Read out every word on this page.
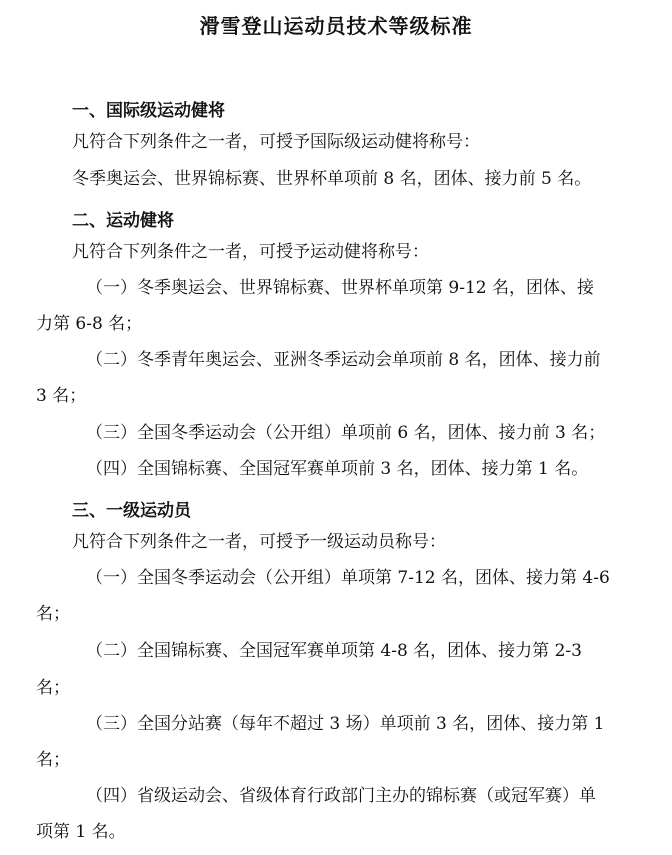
滑雪登山运动员技术等级标准
一、国际级运动健将
凡符合下列条件之一者，可授予国际级运动健将称号：
冬季奥运会、世界锦标赛、世界杯单项前 8 名，团体、接力前 5 名。
二、运动健将
凡符合下列条件之一者，可授予运动健将称号：
（一）冬季奥运会、世界锦标赛、世界杯单项第 9-12 名，团体、接
力第 6-8 名；
（二）冬季青年奥运会、亚洲冬季运动会单项前 8 名，团体、接力前
3 名；
（三）全国冬季运动会（公开组）单项前 6 名，团体、接力前 3 名；
（四）全国锦标赛、全国冠军赛单项前 3 名，团体、接力第 1 名。
三、一级运动员
凡符合下列条件之一者，可授予一级运动员称号：
（一）全国冬季运动会（公开组）单项第 7-12 名，团体、接力第 4-6
名；
（二）全国锦标赛、全国冠军赛单项第 4-8 名，团体、接力第 2-3
名；
（三）全国分站赛（每年不超过 3 场）单项前 3 名，团体、接力第 1
名；
（四）省级运动会、省级体育行政部门主办的锦标赛（或冠军赛）单
项第 1 名。
